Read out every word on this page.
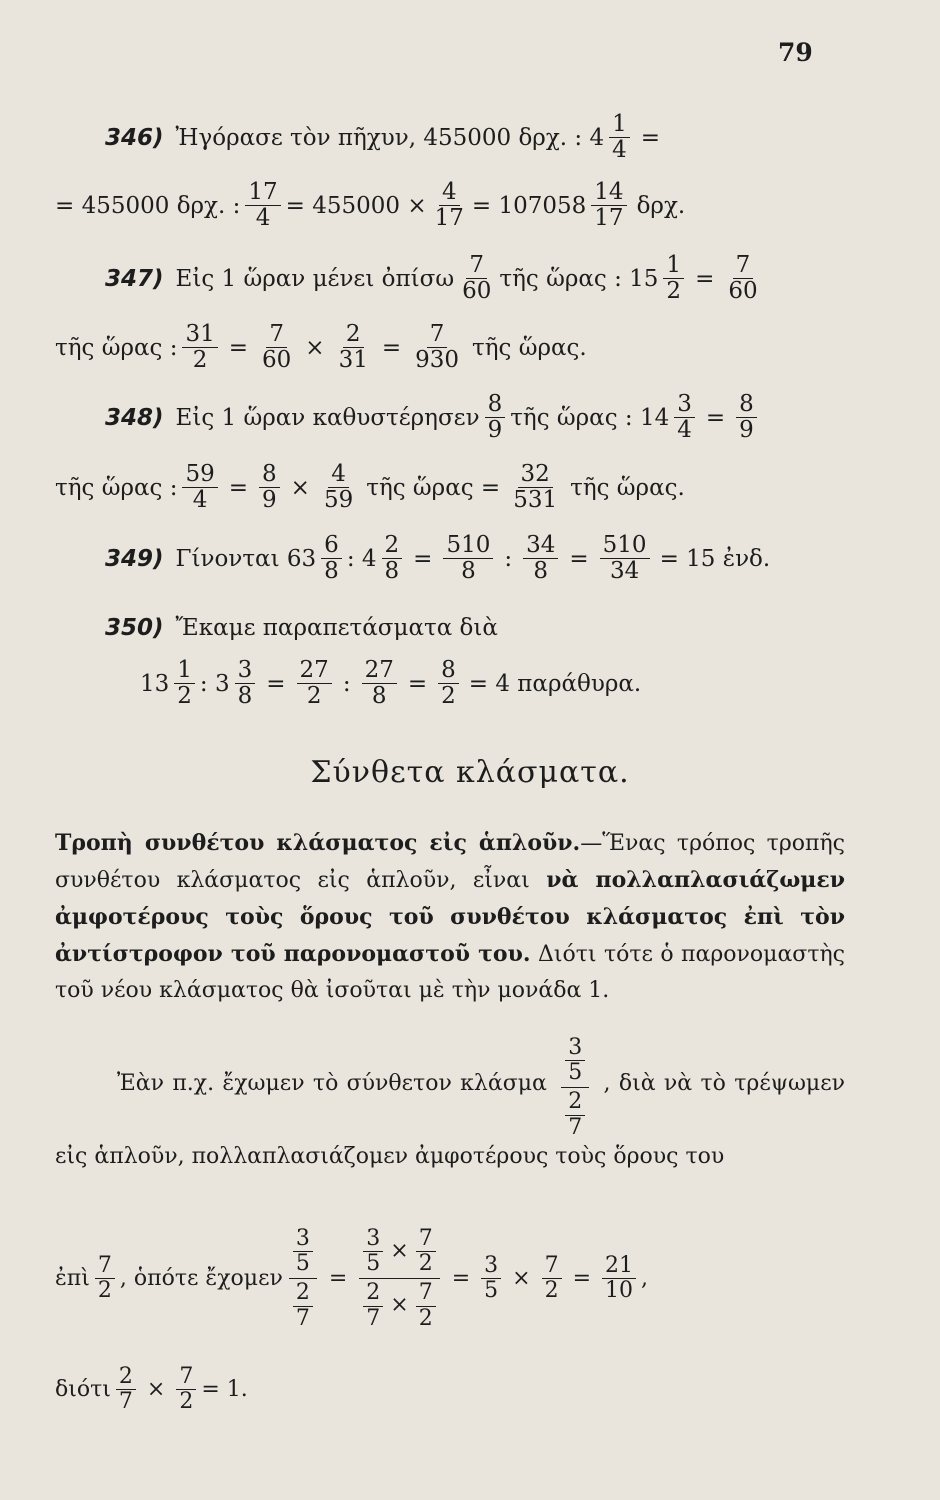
79
346) Ἠγόρασε τὸν πῆχυν, 455000 δρχ. : $4 \frac{1}{4}$ =
= 455000 δρχ. : $\frac{17}{4} = 455000 \times \frac{4}{17} = 107058 \frac{14}{17} \delta\rho\chi$.
347) Εἰς 1 ὥραν μένει ὀπίσω $\frac{7}{60}$ τῆς ὥρας : $15 \frac{1}{2} = \frac{7}{60}$
τῆς ὥρας : $\frac{31}{2} = \frac{7}{60} \times \frac{2}{31} = \frac{7}{930}$ τῆς ὥρας.
348) Εἰς 1 ὥραν καθυστέρησεν $\frac{8}{9}$ τῆς ὥρας : $14 \frac{3}{4} = \frac{8}{9}$
τῆς ὥρας : $\frac{59}{4} = \frac{8}{9} \times \frac{4}{59}$ τῆς ὥρας = $\frac{32}{531}$ τῆς ὥρας.
349) Γίνονται $63 \frac{6}{8}$ : $4 \frac{2}{8} = \frac{510}{8}$ : $\frac{34}{8} = \frac{510}{34} = 15$ ἐνδ.
350) Ἔκαμε παραπετάσματα διὰ
$13 \frac{1}{2}$ : $3 \frac{3}{8} = \frac{27}{2}$ : $\frac{27}{8} = \frac{8}{2} = 4$ παράθυρα.
Σύνθετα κλάσματα.
Τροπὴ συνθέτου κλάσματος εἰς ἁπλοῦν.—Ἕνας τρόπος τροπῆς συνθέτου κλάσματος εἰς ἁπλοῦν, εἶναι νὰ πολλαπλασιάζωμεν ἀμφοτέρους τοὺς ὅρους τοῦ συνθέτου κλάσματος ἐπὶ τὸν ἀντίστροφον τοῦ παρονομαστοῦ του. Διότι τότε ὁ παρονομαστὴς τοῦ νέου κλάσματος θὰ ἰσοῦται μὲ τὴν μονάδα 1.
Ἐὰν π.χ. ἔχωμεν τὸ σύνθετον κλάσμα $\frac{\frac{3}{5}}{\frac{2}{7}}$ , διὰ νὰ τὸ τρέψωμεν εἰς ἁπλοῦν, πολλαπλασιάζομεν ἀμφοτέρους τοὺς ὅρους του
ἐπὶ $\frac{7}{2}$ , ὁπότε ἔχομεν $\frac{\frac{3}{5}}{\frac{2}{7}} = \frac{\frac{3}{5} \times \frac{7}{2}}{\frac{2}{7} \times \frac{7}{2}} = \frac{3}{5} \times \frac{7}{2} = \frac{21}{10}$ ,
διότι $\frac{2}{7} \times \frac{7}{2} = 1$.
